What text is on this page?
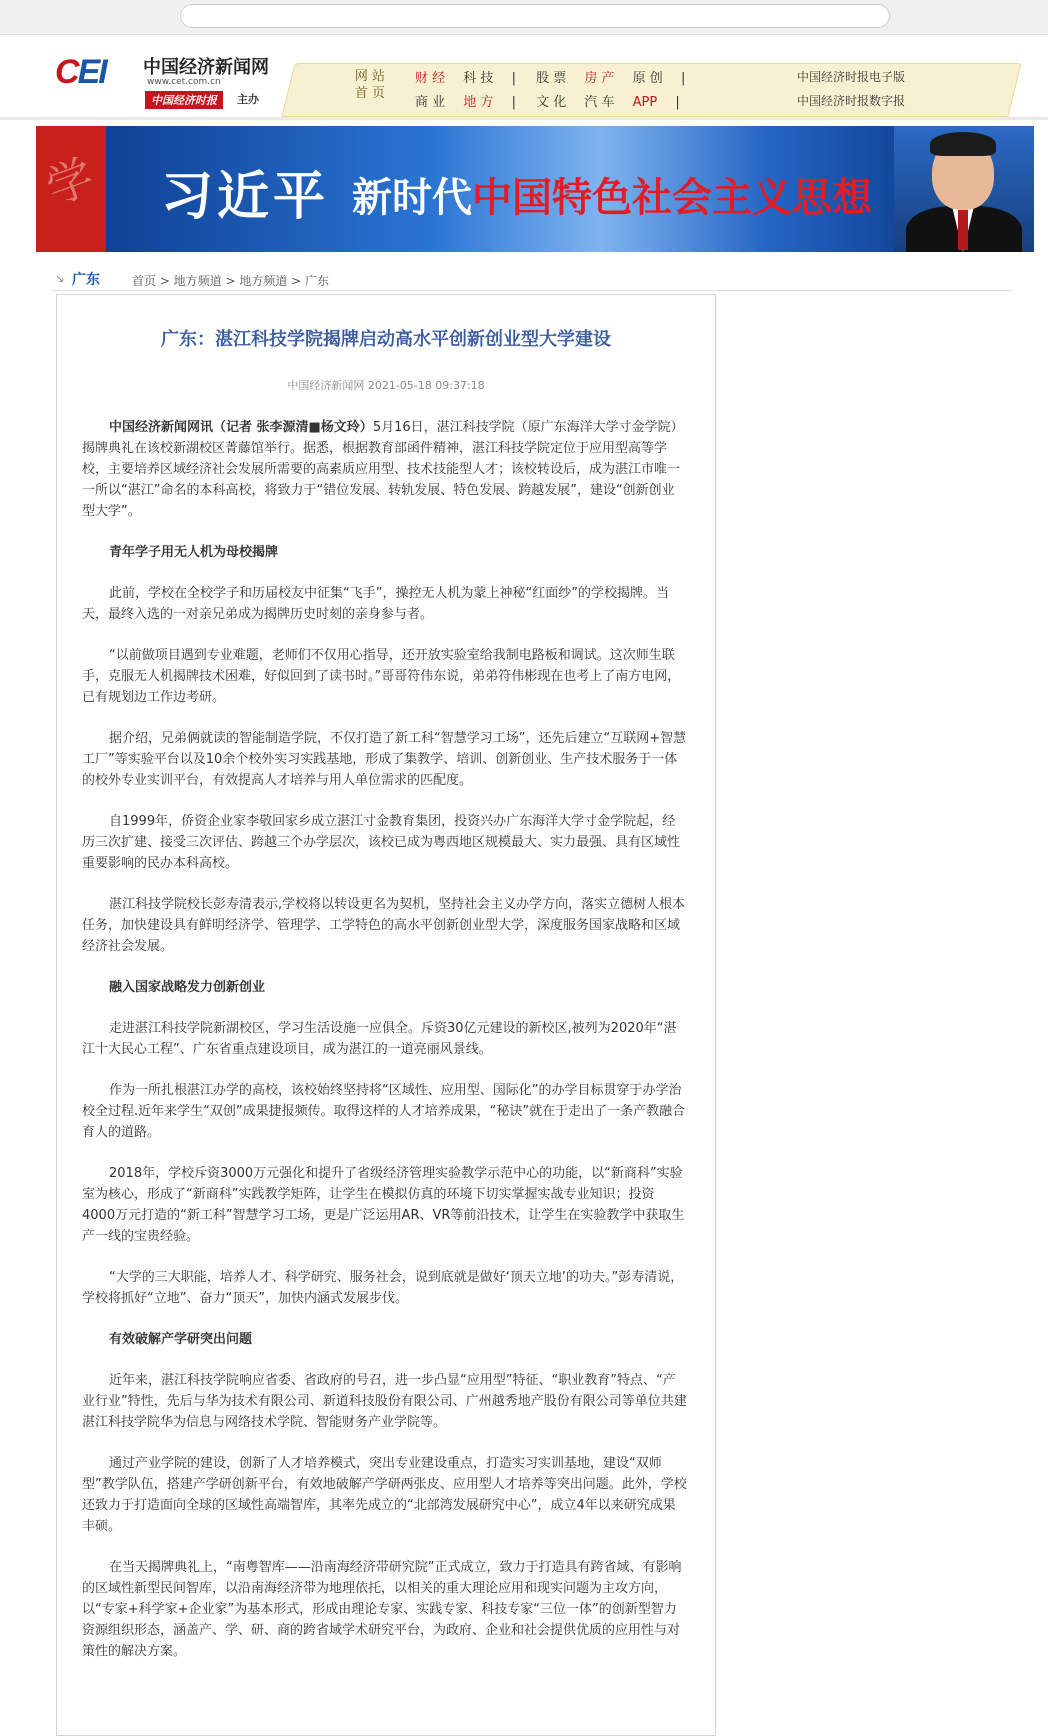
CEI 中国经济新闻网
www.cet.com.cn
中国经济时报	主办
网 站
首 页
财 经 科 技 | 股 票 房 产 原 创 |
商 业 地 方 | 文 化 汽 车 APP |
中国经济时报电子版
中国经济时报数字报
学 习近平 新时代中国特色社会主义思想
↘ 广东	首页 > 地方频道 > 地方频道 > 广东
广东：湛江科技学院揭牌启动高水平创新创业型大学建设
中国经济新闻网 2021-05-18 09:37:18

中国经济新闻网讯（记者 张李源清■杨文玲）5月16日，湛江科技学院（原广东海洋大学寸金学院）揭牌典礼在该校新湖校区菁藤馆举行。据悉，根据教育部函件精神，湛江科技学院定位于应用型高等学校，主要培养区域经济社会发展所需要的高素质应用型、技术技能型人才；该校转设后，成为湛江市唯一一所以“湛江”命名的本科高校，将致力于“错位发展、转轨发展、特色发展、跨越发展”，建设“创新创业型大学”。

青年学子用无人机为母校揭牌

此前，学校在全校学子和历届校友中征集“飞手”，操控无人机为蒙上神秘“红面纱”的学校揭牌。当天，最终入选的一对亲兄弟成为揭牌历史时刻的亲身参与者。

“以前做项目遇到专业难题，老师们不仅用心指导，还开放实验室给我制电路板和调试。这次师生联手，克服无人机揭牌技术困难，好似回到了读书时。”哥哥符伟东说，弟弟符伟彬现在也考上了南方电网，已有规划边工作边考研。

据介绍，兄弟俩就读的智能制造学院，不仅打造了新工科“智慧学习工场”，还先后建立“互联网+智慧工厂”等实验平台以及10余个校外实习实践基地，形成了集教学、培训、创新创业、生产技术服务于一体的校外专业实训平台，有效提高人才培养与用人单位需求的匹配度。

自1999年，侨资企业家李敬回家乡成立湛江寸金教育集团，投资兴办广东海洋大学寸金学院起，经历三次扩建、接受三次评估、跨越三个办学层次，该校已成为粤西地区规模最大、实力最强、具有区域性重要影响的民办本科高校。

湛江科技学院校长彭寿清表示,学校将以转设更名为契机，坚持社会主义办学方向，落实立德树人根本任务，加快建设具有鲜明经济学、管理学、工学特色的高水平创新创业型大学，深度服务国家战略和区域经济社会发展。

融入国家战略发力创新创业

走进湛江科技学院新湖校区，学习生活设施一应俱全。斥资30亿元建设的新校区,被列为2020年“湛江十大民心工程”、广东省重点建设项目，成为湛江的一道亮丽风景线。

作为一所扎根湛江办学的高校，该校始终坚持将“区域性、应用型、国际化”的办学目标贯穿于办学治校全过程.近年来学生“双创”成果捷报频传。取得这样的人才培养成果，“秘诀”就在于走出了一条产教融合育人的道路。

2018年，学校斥资3000万元强化和提升了省级经济管理实验教学示范中心的功能，以“新商科”实验室为核心，形成了“新商科”实践教学矩阵，让学生在模拟仿真的环境下切实掌握实战专业知识；投资4000万元打造的“新工科”智慧学习工场，更是广泛运用AR、VR等前沿技术，让学生在实验教学中获取生产一线的宝贵经验。

“大学的三大职能，培养人才、科学研究、服务社会，说到底就是做好‘顶天立地’的功夫。”彭寿清说，学校将抓好“立地”、奋力“顶天”，加快内涵式发展步伐。

有效破解产学研突出问题

近年来，湛江科技学院响应省委、省政府的号召，进一步凸显“应用型”特征、“职业教育”特点、“产业行业”特性，先后与华为技术有限公司、新道科技股份有限公司、广州越秀地产股份有限公司等单位共建湛江科技学院华为信息与网络技术学院、智能财务产业学院等。

通过产业学院的建设，创新了人才培养模式，突出专业建设重点，打造实习实训基地，建设“双师型”教学队伍，搭建产学研创新平台，有效地破解产学研两张皮、应用型人才培养等突出问题。此外，学校还致力于打造面向全球的区域性高端智库，其率先成立的“北部湾发展研究中心”，成立4年以来研究成果丰硕。

在当天揭牌典礼上，“南粤智库——沿南海经济带研究院”正式成立，致力于打造具有跨省域、有影响的区域性新型民间智库，以沿南海经济带为地理依托，以相关的重大理论应用和现实问题为主攻方向，以“专家+科学家+企业家”为基本形式，形成由理论专家、实践专家、科技专家“三位一体”的创新型智力资源组织形态，涵盖产、学、研、商的跨省域学术研究平台，为政府、企业和社会提供优质的应用性与对策性的解决方案。
